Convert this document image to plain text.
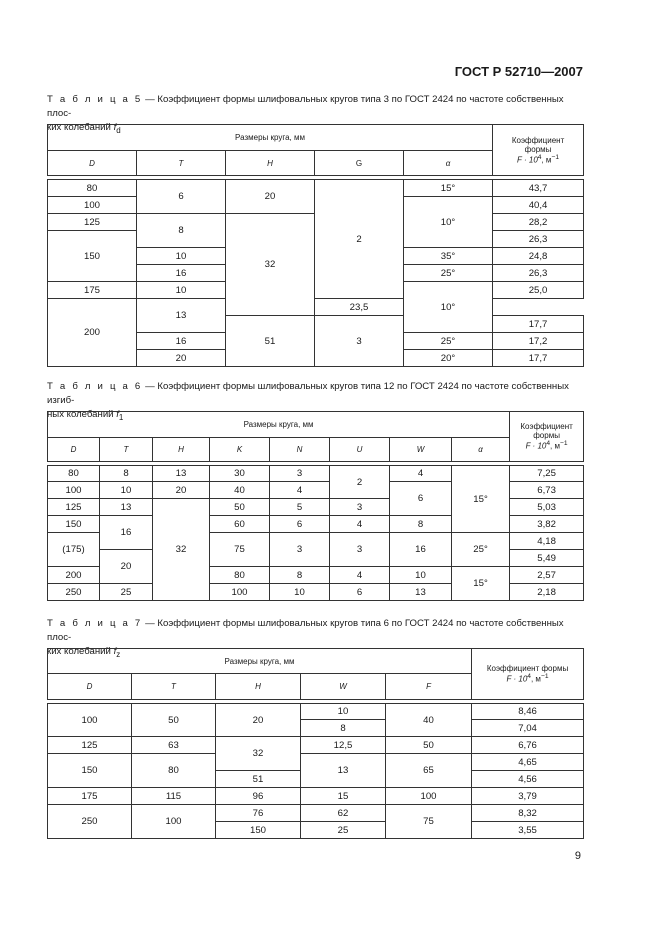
ГОСТ Р 52710—2007

Т а б л и ц а 5 — Коэффициент формы шлифовальных кругов типа 3 по ГОСТ 2424 по частоте собственных плос-
ких колебаний $f_d$

Размеры круга, мм					Коэффициент
формы
$F \cdot 10^4$, $м^{-1}$
D	T	H	G	α	

80	6	20	2	15°	43,7
100				10°	40,4
125	8	32			28,2
150					26,3
	10			35°	24,8
	16			25°	26,3
175	10			10°	25,0
200	13		23,5		
		51	3		17,7
	16			25°	17,2
	20			20°	17,7

Т а б л и ц а 6 — Коэффициент формы шлифовальных кругов типа 12 по ГОСТ 2424 по частоте собственных изгиб-
ных колебаний $f_1$

Размеры круга, мм								Коэффициент
формы
$F \cdot 10^4$, $м^{-1}$
D	T	H	K	N	U	W	α	

80	8	13	30	3	2	4	15°	7,25
100	10	20	40	4		6		6,73
125	13	32	50	5	3			5,03
150	16		60	6	4	8		3,82
(175)			75	3	3	16	25°	4,18
	20							5,49
200			80	8	4	10	15°	2,57
250	25		100	10	6	13		2,18

Т а б л и ц а 7 — Коэффициент формы шлифовальных кругов типа 6 по ГОСТ 2424 по частоте собственных плос-
ких колебаний $f_z$

Размеры круга, мм					Коэффициент формы
$F \cdot 10^4$, $м^{-1}$
D	T	H	W	F	

100	50	20	10	40	8,46
			8		7,04
125	63	32	12,5	50	6,76
150	80		13	65	4,65
		51			4,56
175	115	96	15	100	3,79
250	100	76	62	75	8,32
		150	25		3,55
9
